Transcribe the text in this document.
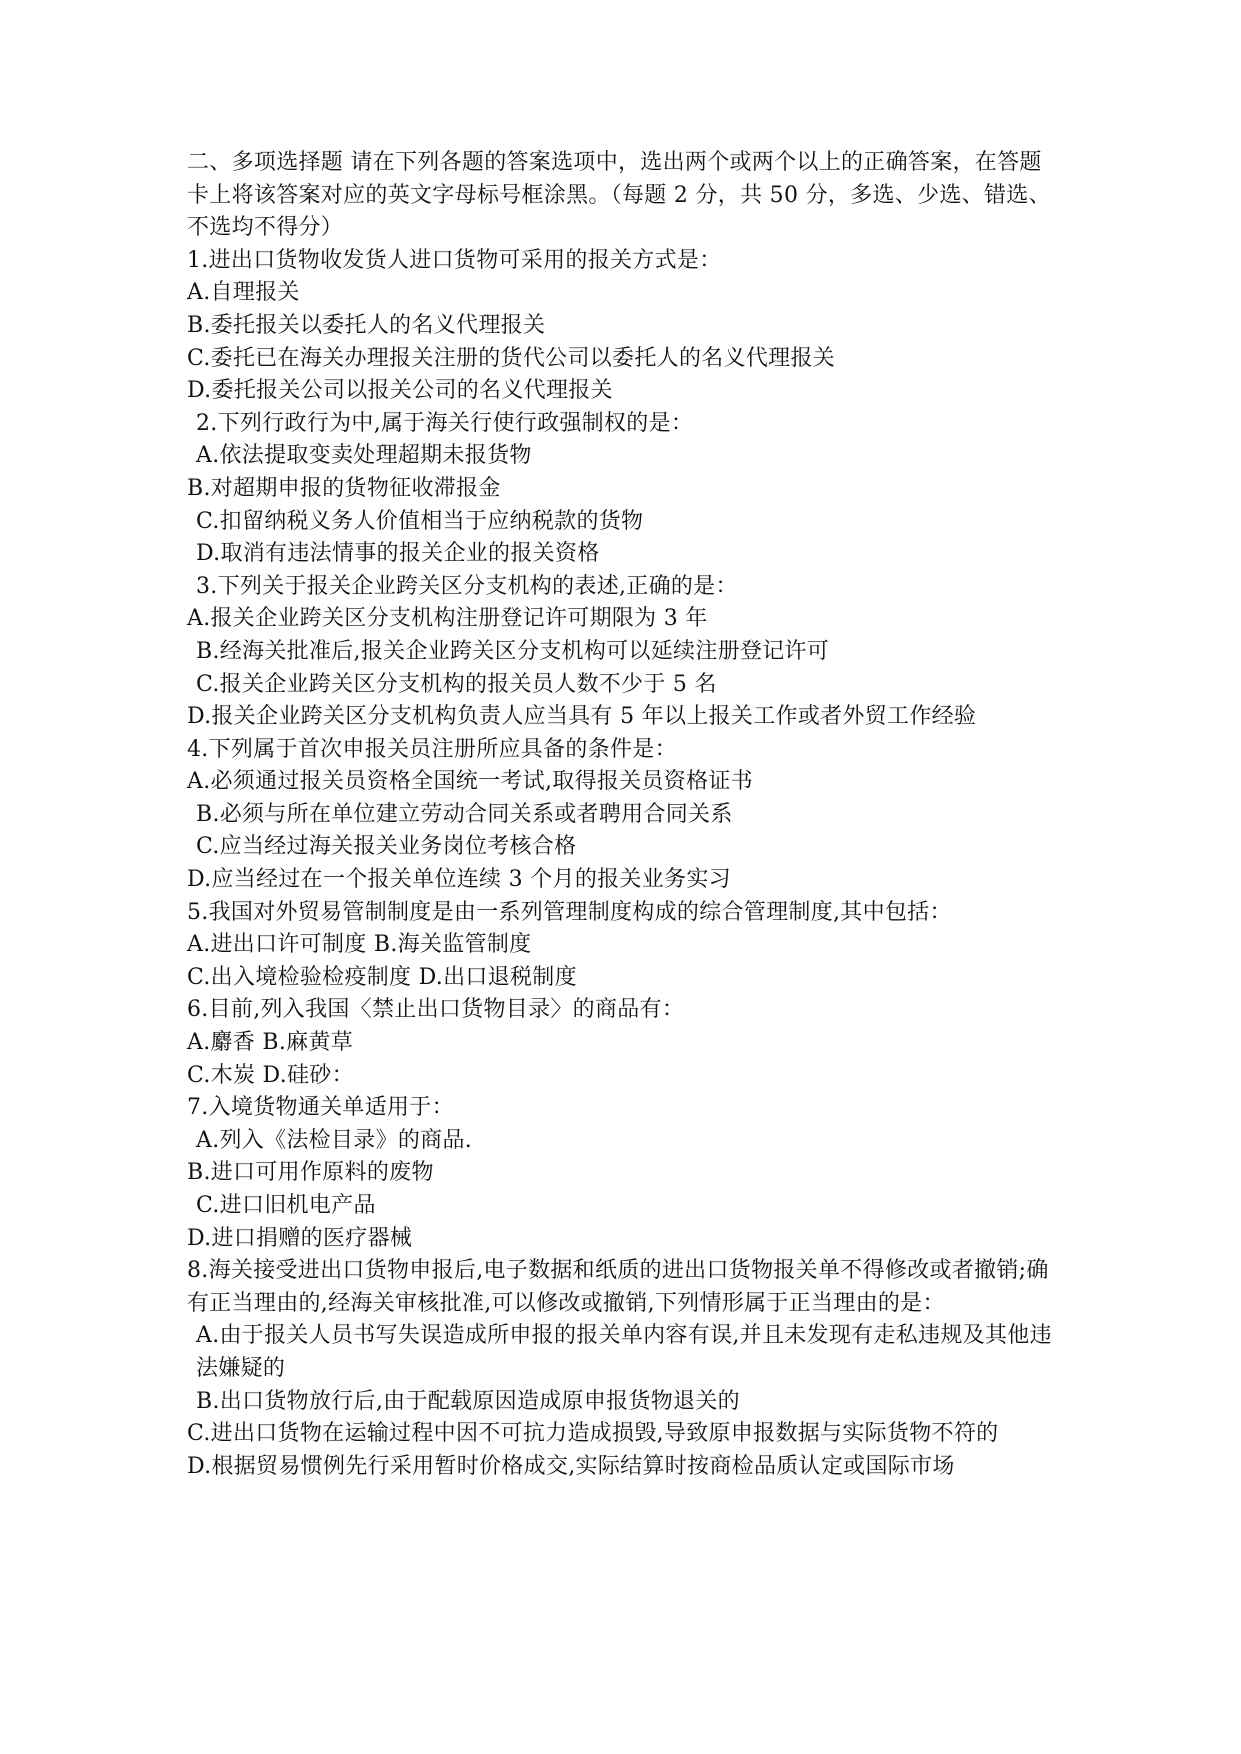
二、多项选择题 请在下列各题的答案选项中，选出两个或两个以上的正确答案，在答题卡上将该答案对应的英文字母标号框涂黑。（每题 2 分，共 50 分，多选、少选、错选、不选均不得分）
1.进出口货物收发货人进口货物可采用的报关方式是：
A.自理报关
B.委托报关以委托人的名义代理报关
C.委托已在海关办理报关注册的货代公司以委托人的名义代理报关
D.委托报关公司以报关公司的名义代理报关
2.下列行政行为中,属于海关行使行政强制权的是：
A.依法提取变卖处理超期未报货物
B.对超期申报的货物征收滞报金
C.扣留纳税义务人价值相当于应纳税款的货物
D.取消有违法情事的报关企业的报关资格
3.下列关于报关企业跨关区分支机构的表述,正确的是：
A.报关企业跨关区分支机构注册登记许可期限为 3 年
B.经海关批准后,报关企业跨关区分支机构可以延续注册登记许可
C.报关企业跨关区分支机构的报关员人数不少于 5 名
D.报关企业跨关区分支机构负责人应当具有 5 年以上报关工作或者外贸工作经验
4.下列属于首次申报关员注册所应具备的条件是：
A.必须通过报关员资格全国统一考试,取得报关员资格证书
B.必须与所在单位建立劳动合同关系或者聘用合同关系
C.应当经过海关报关业务岗位考核合格
D.应当经过在一个报关单位连续 3 个月的报关业务实习
5.我国对外贸易管制制度是由一系列管理制度构成的综合管理制度,其中包括：
A.进出口许可制度 B.海关监管制度
C.出入境检验检疫制度 D.出口退税制度
6.目前,列入我国〈禁止出口货物目录〉的商品有：
A.麝香 B.麻黄草
C.木炭 D.硅砂：
7.入境货物通关单适用于：
A.列入《法检目录》的商品.
B.进口可用作原料的废物
C.进口旧机电产品
D.进口捐赠的医疗器械
8.海关接受进出口货物申报后,电子数据和纸质的进出口货物报关单不得修改或者撤销;确有正当理由的,经海关审核批准,可以修改或撤销,下列情形属于正当理由的是：
A.由于报关人员书写失误造成所申报的报关单内容有误,并且未发现有走私违规及其他违法嫌疑的
B.出口货物放行后,由于配载原因造成原申报货物退关的
C.进出口货物在运输过程中因不可抗力造成损毁,导致原申报数据与实际货物不符的
D.根据贸易惯例先行采用暂时价格成交,实际结算时按商检品质认定或国际市场
